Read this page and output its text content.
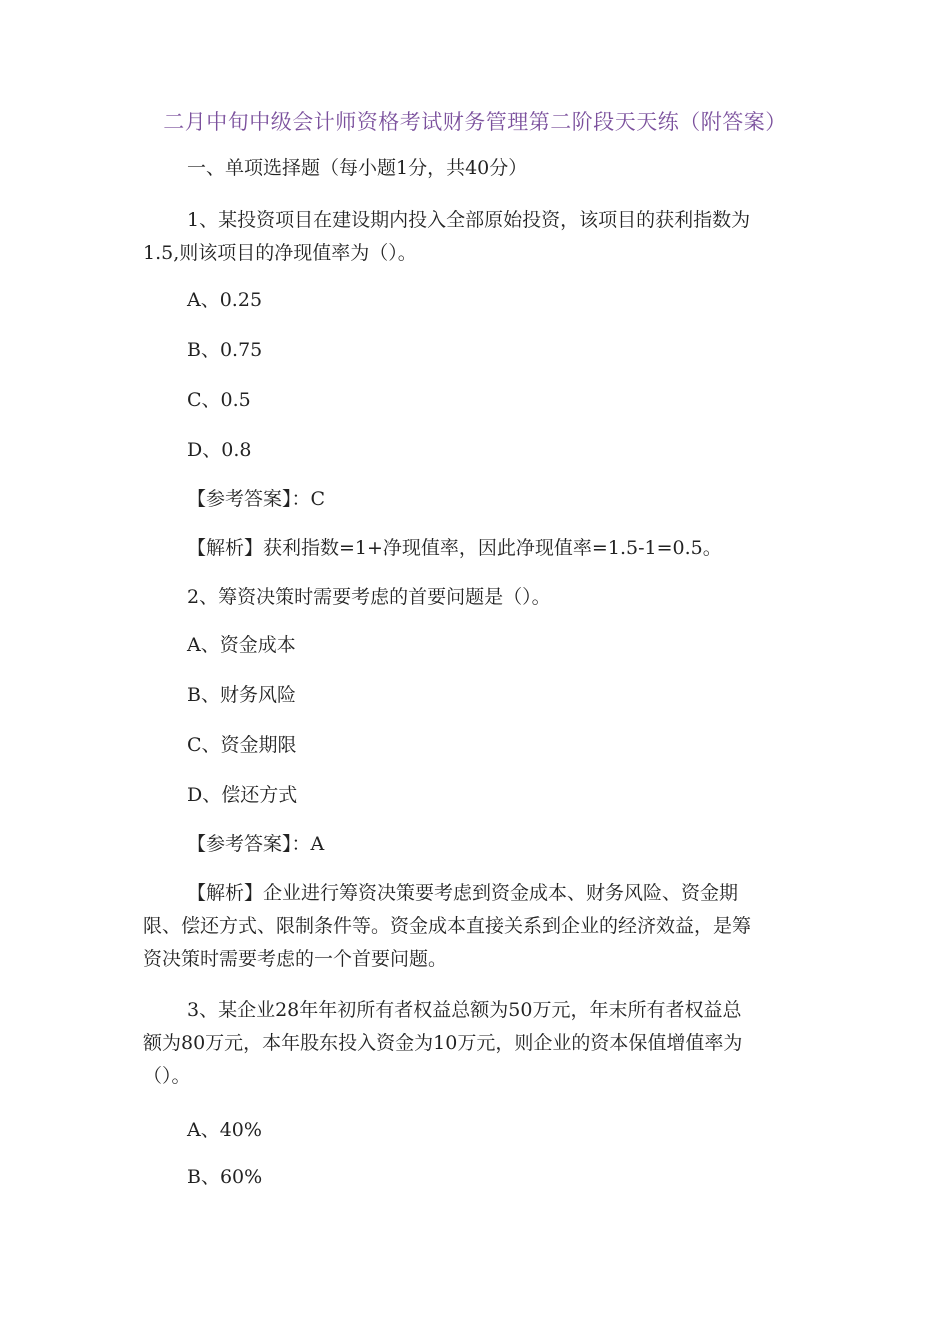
二月中旬中级会计师资格考试财务管理第二阶段天天练（附答案）
一、单项选择题（每小题1分，共40分）
1、某投资项目在建设期内投入全部原始投资，该项目的获利指数为
1.5,则该项目的净现值率为（）。
A、0.25
B、0.75
C、0.5
D、0.8
【参考答案】：C
【解析】获利指数=1+净现值率，因此净现值率=1.5-1=0.5。
2、筹资决策时需要考虑的首要问题是（）。
A、资金成本
B、财务风险
C、资金期限
D、偿还方式
【参考答案】：A
【解析】企业进行筹资决策要考虑到资金成本、财务风险、资金期
限、偿还方式、限制条件等。资金成本直接关系到企业的经济效益，是筹
资决策时需要考虑的一个首要问题。
3、某企业28年年初所有者权益总额为50万元，年末所有者权益总
额为80万元，本年股东投入资金为10万元，则企业的资本保值增值率为
（）。
A、40%
B、60%
